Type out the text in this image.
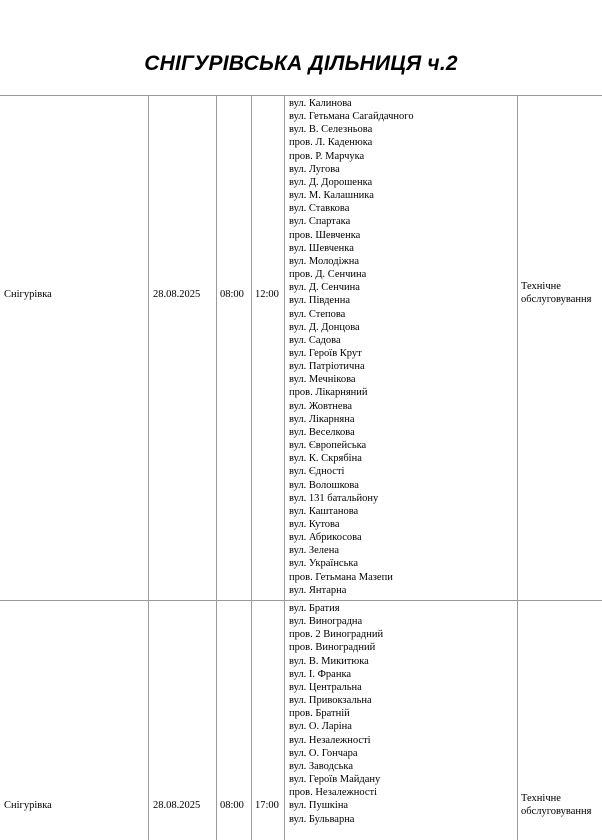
СНІГУРІВСЬКА ДІЛЬНИЦЯ ч.2
Снігурівка	28.08.2025 08:00 12:00
Технічне
обслуговування
вул. Калинова
вул. Гетьмана Сагайдачного
вул. В. Селезньова
пров. Л. Каденюка
пров. Р. Марчука
вул. Лугова
вул. Д. Дорошенка
вул. М. Калашника
вул. Ставкова
вул. Спартака
пров. Шевченка
вул. Шевченка
вул. Молодіжна
пров. Д. Сенчина
вул. Д. Сенчина
вул. Південна
вул. Степова
вул. Д. Донцова
вул. Садова
вул. Героїв Крут
вул. Патріотична
вул. Мечнікова
пров. Лікарняний
вул. Жовтнева
вул. Лікарняна
вул. Веселкова
вул. Європейська
вул. К. Скрябіна
вул. Єдності
вул. Волошкова
вул. 131 батальйону
вул. Каштанова
вул. Кутова
вул. Абрикосова
вул. Зелена
вул. Українська
пров. Гетьмана Мазепи
вул. Янтарна
Снігурівка	28.08.2025 08:00 17:00
Технічне
обслуговування
вул. Братия
вул. Виноградна
пров. 2 Виноградний
пров. Виноградний
вул. В. Микитюка
вул. І. Франка
вул. Центральна
вул. Привокзальна
пров. Братній
вул. О. Ларіна
вул. Незалежності
вул. О. Гончара
вул. Заводська
вул. Героїв Майдану
пров. Незалежності
вул. Пушкіна
вул. Бульварна
